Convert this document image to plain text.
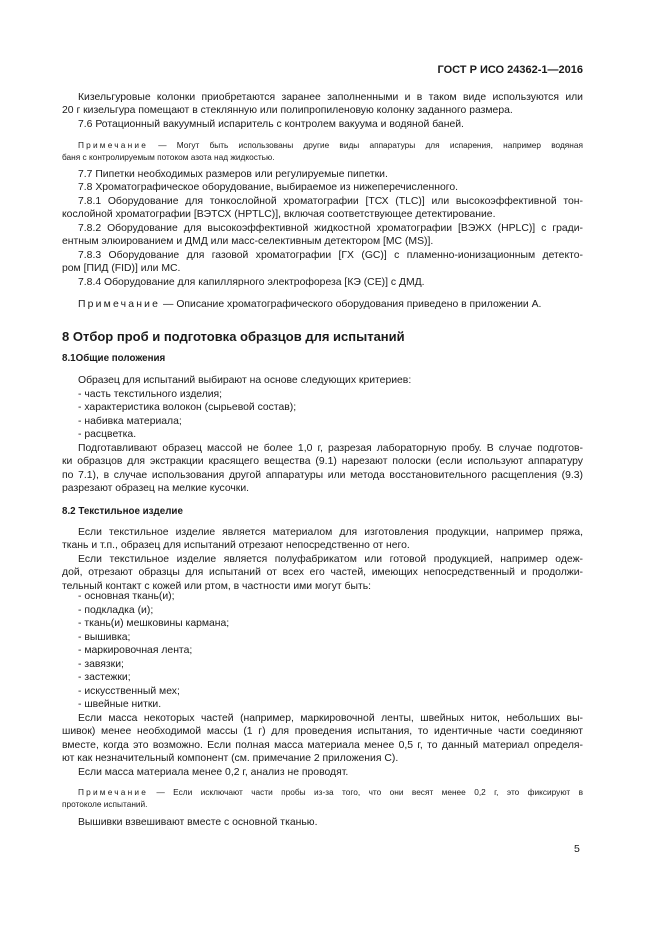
ГОСТ Р ИСО 24362-1—2016
Кизельгуровые колонки приобретаются заранее заполненными и в таком виде используются или
20 г кизельгура помещают в стеклянную или полипропиленовую колонку заданного размера.
7.6 Ротационный вакуумный испаритель с контролем вакуума и водяной баней.
Примечание — Могут быть использованы другие виды аппаратуры для испарения, например водяная
баня с контролируемым потоком азота над жидкостью.
7.7 Пипетки необходимых размеров или регулируемые пипетки.
7.8 Хроматографическое оборудование, выбираемое из нижеперечисленного.
7.8.1 Оборудование для тонкослойной хроматографии [ТСХ (TLC)] или высокоэффективной тон-
кослойной хроматографии [ВЭТСХ (HPTLC)], включая соответствующее детектирование.
7.8.2 Оборудование для высокоэффективной жидкостной хроматографии [ВЭЖХ (HPLC)] с гради-
ентным элюированием и ДМД или масс-селективным детектором [МС (MS)].
7.8.3 Оборудование для газовой хроматографии [ГХ (GC)] с пламенно-ионизационным детекто-
ром [ПИД (FID)] или МС.
7.8.4 Оборудование для капиллярного электрофореза [КЭ (CE)] с ДМД.
Примечание — Описание хроматографического оборудования приведено в приложении А.
8 Отбор проб и подготовка образцов для испытаний
8.1Общие положения
Образец для испытаний выбирают на основе следующих критериев:
- часть текстильного изделия;
- характеристика волокон (сырьевой состав);
- набивка материала;
- расцветка.
Подготавливают образец массой не более 1,0 г, разрезая лабораторную пробу. В случае подготов-
ки образцов для экстракции красящего вещества (9.1) нарезают полоски (если используют аппаратуру
по 7.1), в случае использования другой аппаратуры или метода восстановительного расщепления (9.3)
разрезают образец на мелкие кусочки.
8.2 Текстильное изделие
Если текстильное изделие является материалом для изготовления продукции, например пряжа,
ткань и т.п., образец для испытаний отрезают непосредственно от него.
Если текстильное изделие является полуфабрикатом или готовой продукцией, например одеж-
дой, отрезают образцы для испытаний от всех его частей, имеющих непосредственный и продолжи-
тельный контакт с кожей или ртом, в частности ими могут быть:
- основная ткань(и);
- подкладка (и);
- ткань(и) мешковины кармана;
- вышивка;
- маркировочная лента;
- завязки;
- застежки;
- искусственный мех;
- швейные нитки.
Если масса некоторых частей (например, маркировочной ленты, швейных ниток, небольших вы-
шивок) менее необходимой массы (1 г) для проведения испытания, то идентичные части соединяют
вместе, когда это возможно. Если полная масса материала менее 0,5 г, то данный материал определя-
ют как незначительный компонент (см. примечание 2 приложения С).
Если масса материала менее 0,2 г, анализ не проводят.
Примечание — Если исключают части пробы из-за того, что они весят менее 0,2 г, это фиксируют в
протоколе испытаний.
Вышивки взвешивают вместе с основной тканью.
5
